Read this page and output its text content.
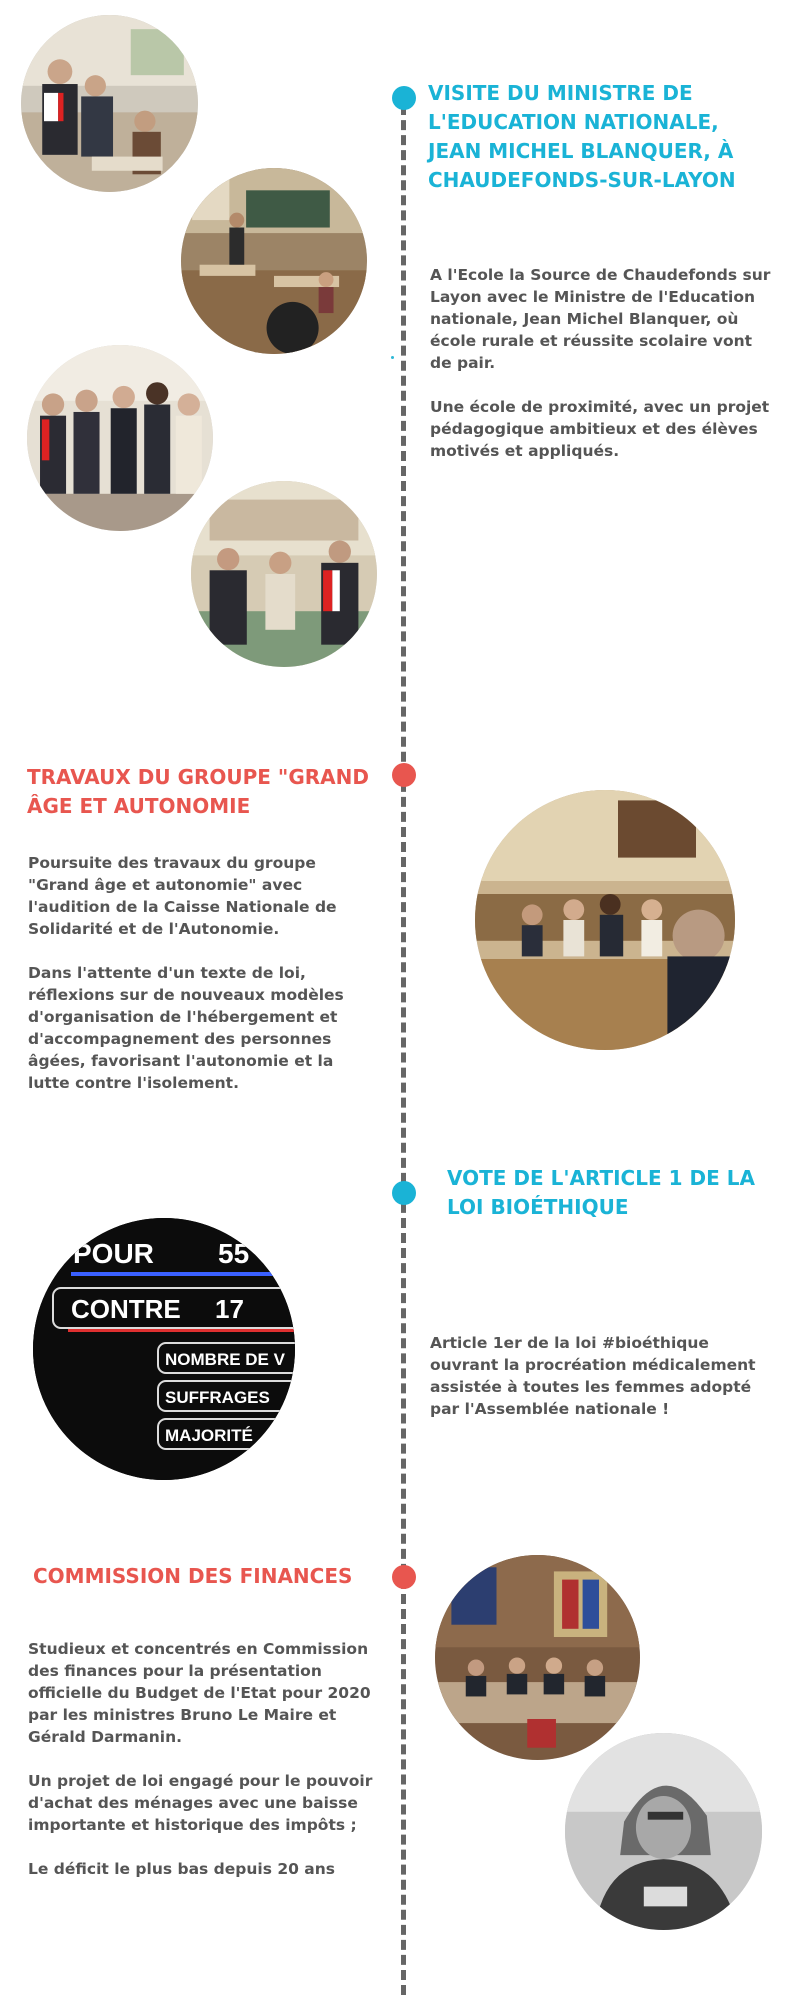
VISITE DU MINISTRE DE L'EDUCATION NATIONALE, JEAN MICHEL BLANQUER, À CHAUDEFONDS-SUR-LAYON

A l'Ecole la Source de Chaudefonds sur Layon avec le Ministre de l'Education nationale, Jean Michel Blanquer, où école rurale et réussite scolaire vont de pair.

Une école de proximité, avec un projet pédagogique ambitieux et des élèves motivés et appliqués.

TRAVAUX DU GROUPE "GRAND ÂGE ET AUTONOMIE

Poursuite des travaux du groupe "Grand âge et autonomie" avec l'audition de la Caisse Nationale de Solidarité et de l'Autonomie.

Dans l'attente d'un texte de loi, réflexions sur de nouveaux modèles d'organisation de l'hébergement et d'accompagnement des personnes âgées, favorisant l'autonomie et la lutte contre l'isolement.

VOTE DE L'ARTICLE 1 DE LA LOI BIOÉTHIQUE

Article 1er de la loi #bioéthique ouvrant la procréation médicalement assistée à toutes les femmes adopté par l'Assemblée nationale !

POUR 55
CONTRE 17
NOMBRE DE V
SUFFRAGES
MAJORITÉ
COMMISSION DES FINANCES

Studieux et concentrés en Commission des finances pour la présentation officielle du Budget de l'Etat pour 2020 par les ministres Bruno Le Maire et Gérald Darmanin.

Un projet de loi engagé pour le pouvoir d'achat des ménages avec une baisse importante et historique des impôts ;

Le déficit le plus bas depuis 20 ans
